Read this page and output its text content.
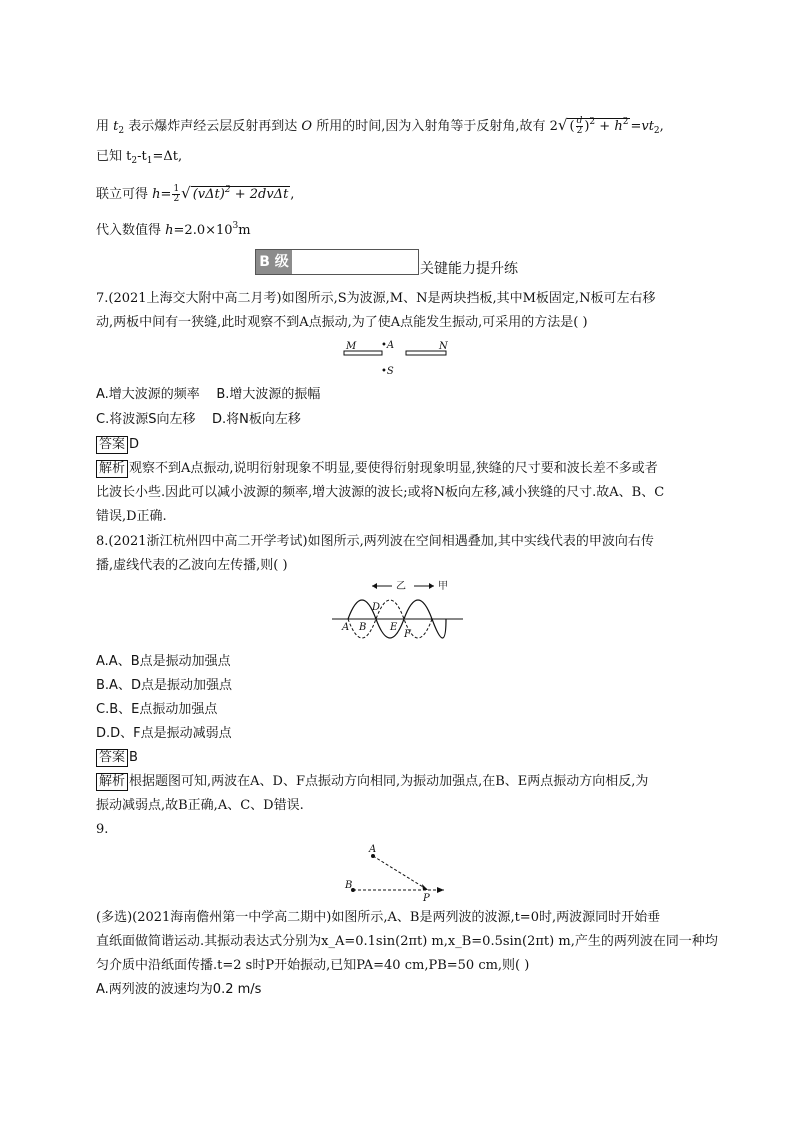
用 $t_2$ 表示爆炸声经云层反射再到达 O 所用的时间,因为入射角等于反射角,故有 2√ ( $\frac{d}{2} )^2 + h^2 =vt_2$,
已知 $t_2-t_1=\Delta t$,
联立可得 $h= \frac{1}{2}$ √ $(v\Delta t)^2 + 2dv\Delta t$ ,
代入数值得 $h=2.0\times 10^3m$
B 级	关键能力提升练
7.(2021上海交大附中高二月考)如图所示,S为波源,M、N是两块挡板,其中M板固定,N板可左右移
动,两板中间有一狭缝,此时观察不到A点振动,为了使A点能发生振动,可采用的方法是( )
M •A	N
•S
A.增大波源的频率 B.增大波源的振幅
C.将波源S向左移 D.将N板向左移
答案 D
解析 观察不到A点振动,说明衍射现象不明显,要使得衍射现象明显,狭缝的尺寸要和波长差不多或者
比波长小些.因此可以减小波源的频率,增大波源的波长;或将N板向左移,减小狭缝的尺寸.故A、B、C
错误,D正确.
8.(2021浙江杭州四中高二开学考试)如图所示,两列波在空间相遇叠加,其中实线代表的甲波向右传
播,虚线代表的乙波向左传播,则( )
乙	甲
A B
D
E
F
A.A、B点是振动加强点
B.A、D点是振动加强点
C.B、E点振动加强点
D.D、F点是振动减弱点
答案 B
解析 根据题图可知,两波在A、D、F点振动方向相同,为振动加强点,在B、E两点振动方向相反,为
振动减弱点,故B正确,A、C、D错误.
9.
A
B
P
(多选)(2021海南儋州第一中学高二期中)如图所示,A、B是两列波的波源,t=0时,两波源同时开始垂
直纸面做简谐运动.其振动表达式分别为x_A=0.1sin(2πt) m,x_B=0.5sin(2πt) m,产生的两列波在同一种均
匀介质中沿纸面传播.t=2 s时P开始振动,已知PA=40 cm,PB=50 cm,则( )
A.两列波的波速均为0.2 m/s
